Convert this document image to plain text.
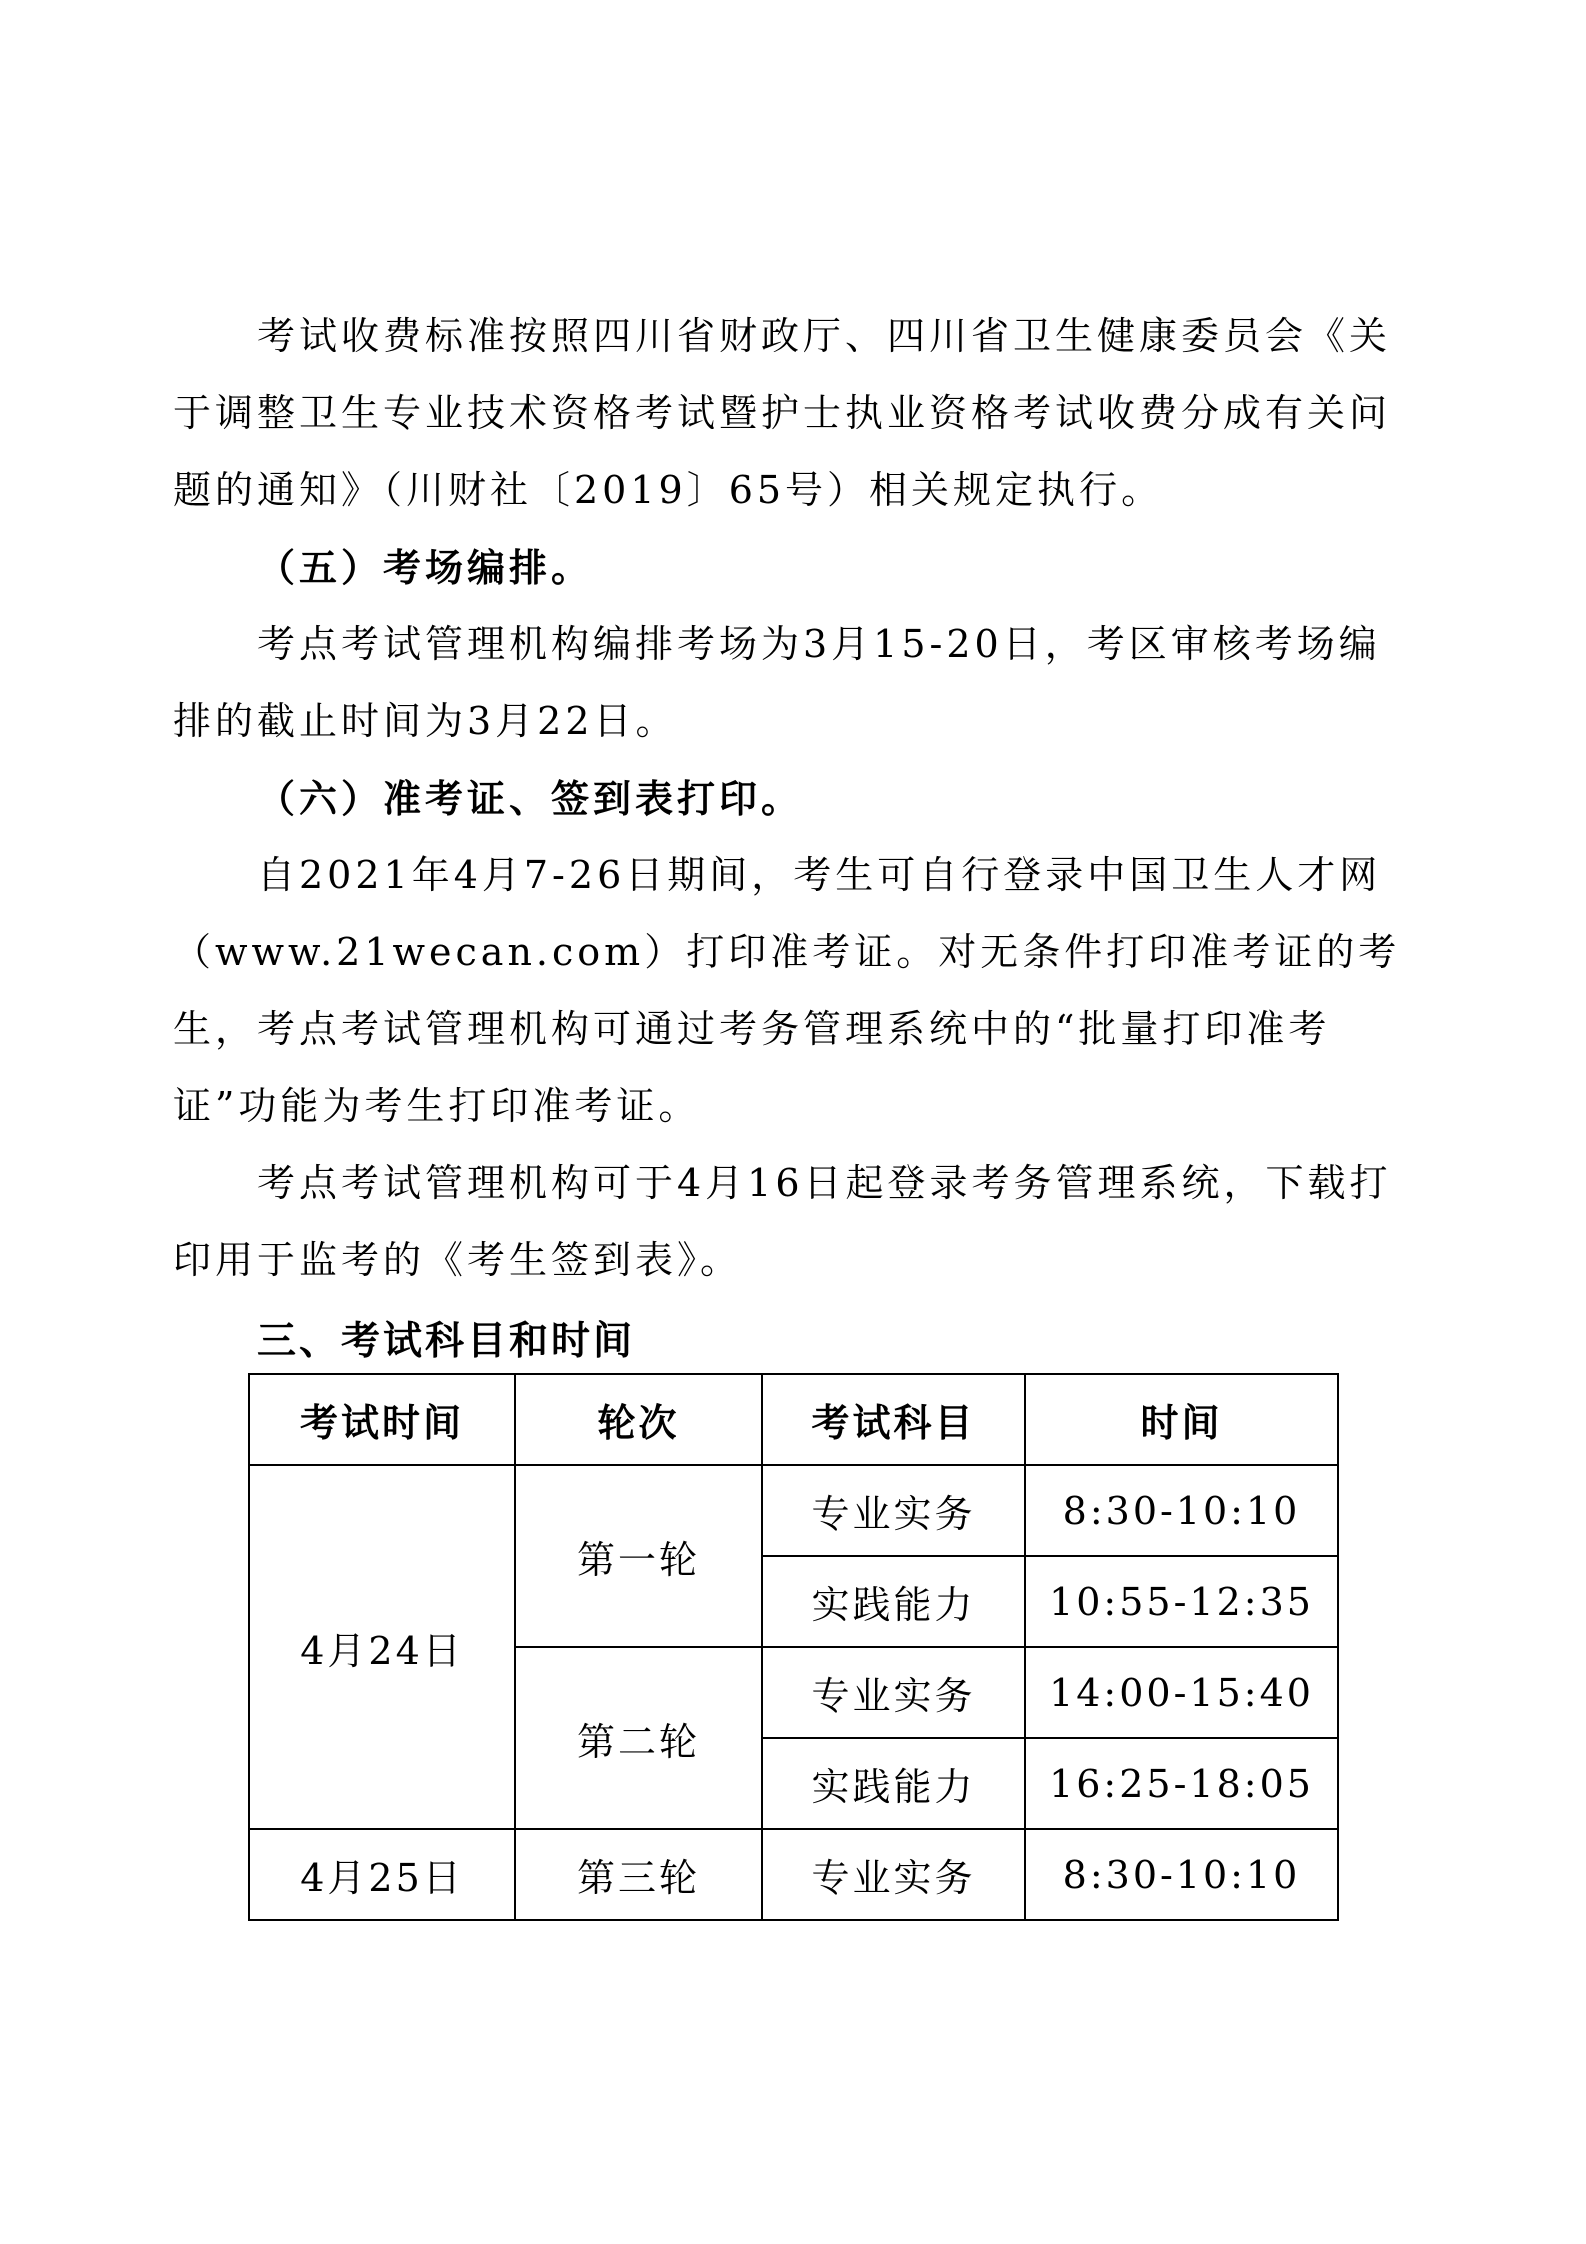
考试收费标准按照四川省财政厅、四川省卫生健康委员会《关于调整卫生专业技术资格考试暨护士执业资格考试收费分成有关问题的通知》（川财社〔2019〕65号）相关规定执行。

（五）考场编排。

考点考试管理机构编排考场为3月15-20日，考区审核考场编排的截止时间为3月22日。

（六）准考证、签到表打印。

自2021年4月7-26日期间，考生可自行登录中国卫生人才网（www.21wecan.com）打印准考证。对无条件打印准考证的考生，考点考试管理机构可通过考务管理系统中的“批量打印准考证”功能为考生打印准考证。

考点考试管理机构可于4月16日起登录考务管理系统，下载打印用于监考的《考生签到表》。

三、考试科目和时间
考试时间	轮次	考试科目	时间
4月24日	第一轮	专业实务	8:30-10:10
		实践能力	10:55-12:35
	第二轮	专业实务	14:00-15:40
		实践能力	16:25-18:05
4月25日	第三轮	专业实务	8:30-10:10
